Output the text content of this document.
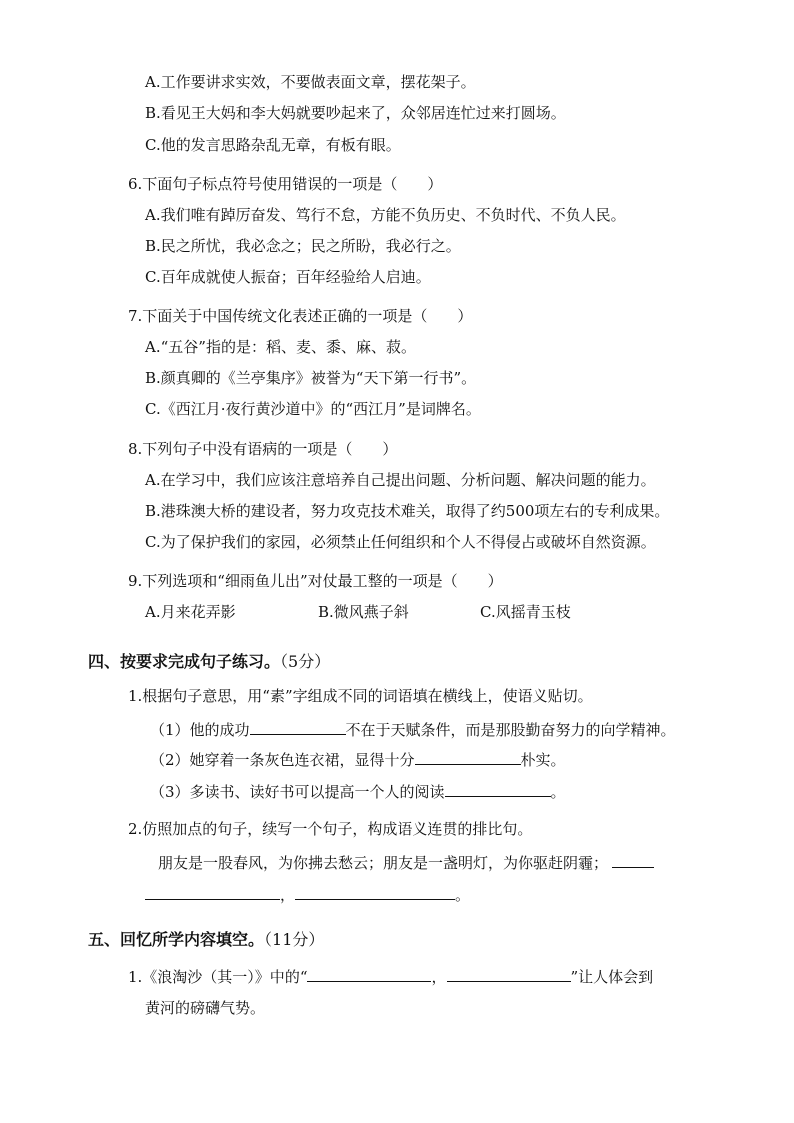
A.工作要讲求实效，不要做表面文章，摆花架子。
B.看见王大妈和李大妈就要吵起来了，众邻居连忙过来打圆场。
C.他的发言思路杂乱无章，有板有眼。
6.下面句子标点符号使用错误的一项是（　　）
A.我们唯有踔厉奋发、笃行不怠，方能不负历史、不负时代、不负人民。
B.民之所忧，我必念之；民之所盼，我必行之。
C.百年成就使人振奋；百年经验给人启迪。
7.下面关于中国传统文化表述正确的一项是（　　）
A.“五谷”指的是：稻、麦、黍、麻、菽。
B.颜真卿的《兰亭集序》被誉为“天下第一行书”。
C.《西江月·夜行黄沙道中》的“西江月”是词牌名。
8.下列句子中没有语病的一项是（　　）
A.在学习中，我们应该注意培养自己提出问题、分析问题、解决问题的能力。
B.港珠澳大桥的建设者，努力攻克技术难关，取得了约500项左右的专利成果。
C.为了保护我们的家园，必须禁止任何组织和个人不得侵占或破坏自然资源。
9.下列选项和“细雨鱼儿出”对仗最工整的一项是（　　）
A.月来花弄影	B.微风燕子斜	C.风摇青玉枝
四、按要求完成句子练习。（5分）
1.根据句子意思，用“素”字组成不同的词语填在横线上，使语义贴切。
（1）他的成功	不在于天赋条件，而是那股勤奋努力的向学精神。
（2）她穿着一条灰色连衣裙，显得十分	朴实。
（3）多读书、读好书可以提高一个人的阅读	。
2.仿照加点的句子，续写一个句子，构成语义连贯的排比句。
朋友是一股春风，为你拂去愁云；朋友是一盏明灯，为你驱赶阴霾；
，	。
五、回忆所学内容填空。（11分）
1.《浪淘沙（其一）》中的“	，	”让人体会到
黄河的磅礴气势。
